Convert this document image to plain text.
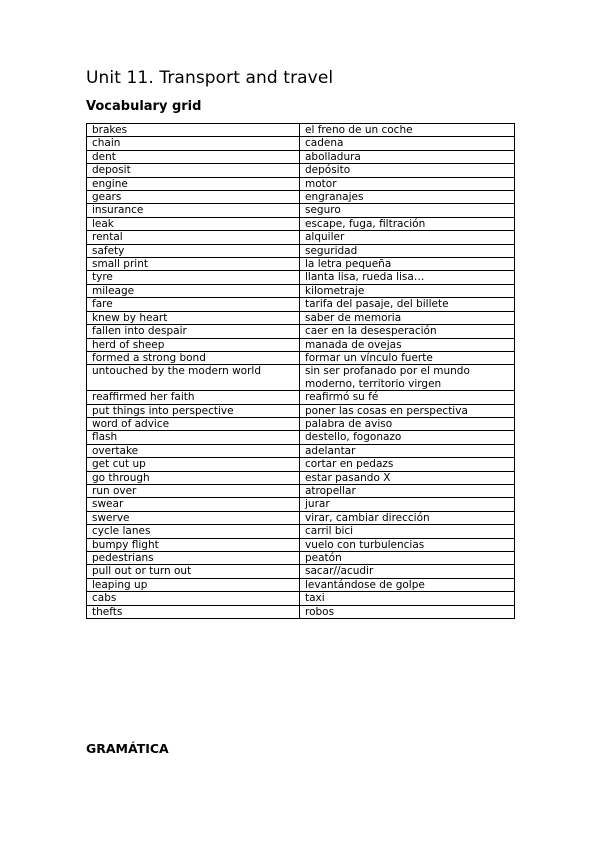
Unit 11. Transport and travel
Vocabulary grid
brakes	el freno de un coche
chain	cadena
dent	abolladura
deposit	depósito
engine	motor
gears	engranajes
insurance	seguro
leak	escape, fuga, filtración
rental	alquiler
safety	seguridad
small print	la letra pequeña
tyre	llanta lisa, rueda lisa…
mileage	kilometraje
fare	tarifa del pasaje, del billete
knew by heart	saber de memoria
fallen into despair	caer en la desesperación
herd of sheep	manada de ovejas
formed a strong bond	formar un vínculo fuerte
untouched by the modern world	sin ser profanado por el mundo moderno, territorio virgen
reaffirmed her faith	reafirmó su fé
put things into perspective	poner las cosas en perspectiva
word of advice	palabra de aviso
flash	destello, fogonazo
overtake	adelantar
get cut up	cortar en pedazs
go through	estar pasando X
run over	atropellar
swear	jurar
swerve	virar, cambiar dirección
cycle lanes	carril bici
bumpy flight	vuelo con turbulencias
pedestrians	peatón
pull out or turn out	sacar//acudir
leaping up	levantándose de golpe
cabs	taxi
thefts	robos
GRAMÁTICA
